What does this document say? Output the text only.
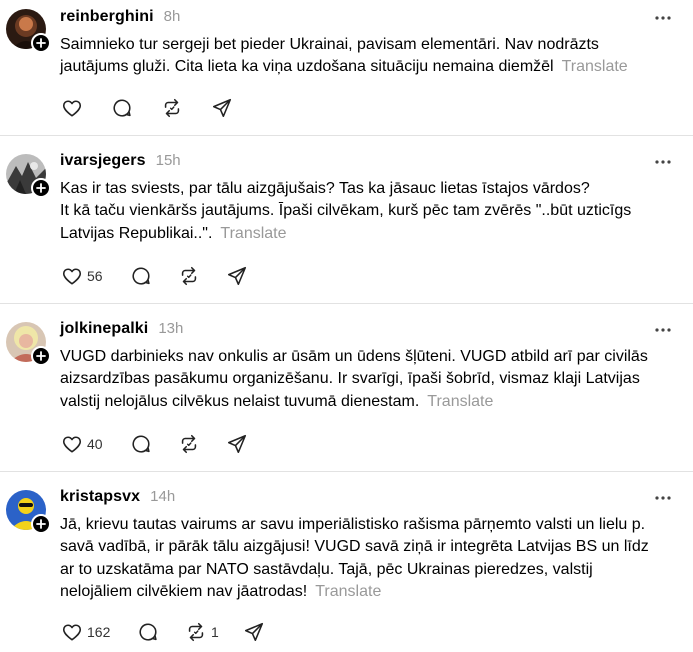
reinberghini 8h
Saimnieko tur sergeji bet pieder Ukrainai, pavisam elementāri. Nav nodrāzts
jautājums gluži. Cita lieta ka viņa uzdošana situāciju nemaina diemžēl Translate
ivarsjegers 15h
Kas ir tas sviests, par tālu aizgājušais? Tas ka jāsauc lietas īstajos vārdos?
It kā taču vienkāršs jautājums. Īpaši cilvēkam, kurš pēc tam zvērēs "..būt uzticīgs
Latvijas Republikai..". Translate
56
jolkinepalki 13h
VUGD darbinieks nav onkulis ar ūsām un ūdens šļūteni. VUGD atbild arī par civilās
aizsardzības pasākumu organizēšanu. Ir svarīgi, īpaši šobrīd, vismaz klaji Latvijas
valstij nelojālus cilvēkus nelaist tuvumā dienestam. Translate
40
kristapsvx 14h
Jā, krievu tautas vairums ar savu imperiālistisko rašisma pārņemto valsti un lielu p.
savā vadībā, ir pārāk tālu aizgājusi! VUGD savā ziņā ir integrēta Latvijas BS un līdz
ar to uzskatāma par NATO sastāvdaļu. Tajā, pēc Ukrainas pieredzes, valstij
nelojāliem cilvēkiem nav jāatrodas! Translate
162	1
